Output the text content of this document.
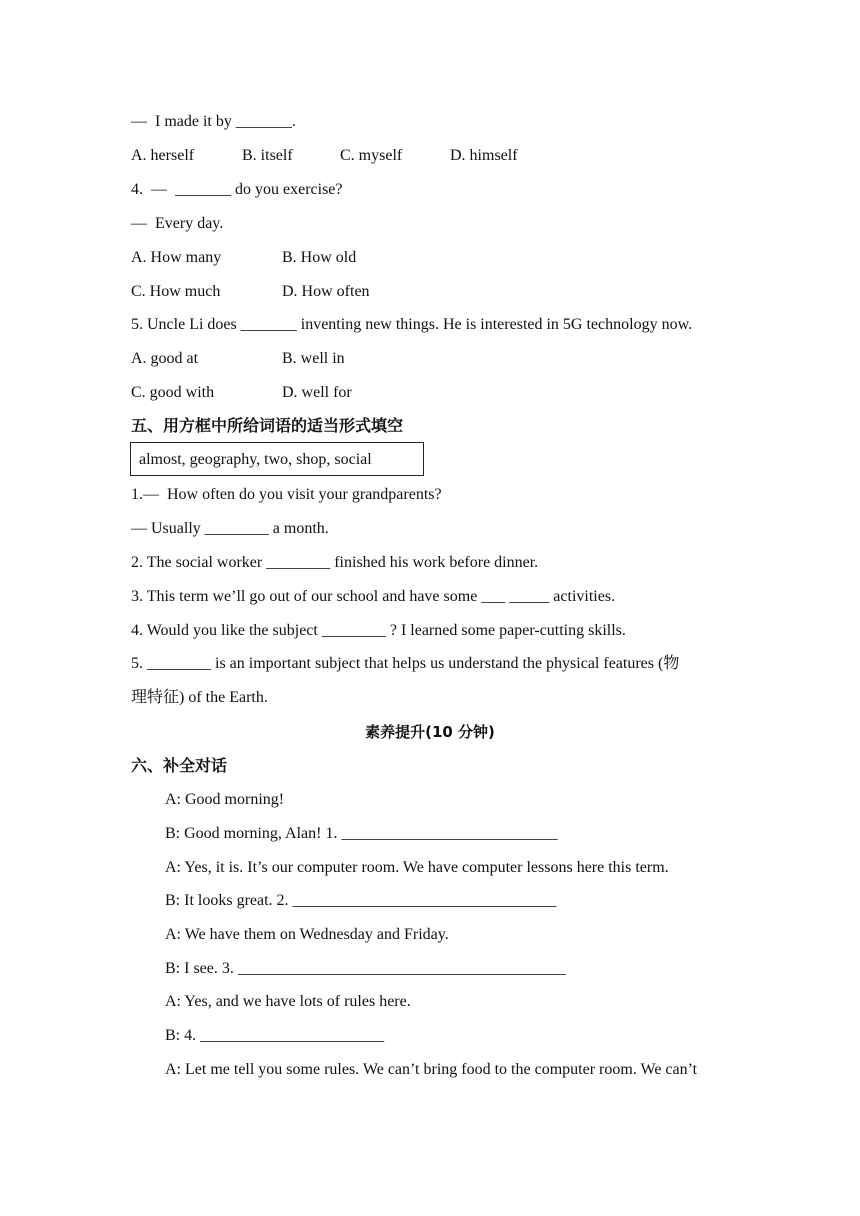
—  I made it by _______.
A. herself	B. itself	C. myself	D. himself
4.  —  _______ do you exercise?
—  Every day.
A. How many	B. How old
C. How much	D. How often
5. Uncle Li does _______ inventing new things. He is interested in 5G technology now.
A. good at	B. well in
C. good with	D. well for
五、用方框中所给词语的适当形式填空
almost, geography, two, shop, social
1.—  How often do you visit your grandparents?
— Usually ________ a month.
2. The social worker ________ finished his work before dinner.
3. This term we’ll go out of our school and have some ___ _____ activities.
4. Would you like the subject ________ ? I learned some paper-cutting skills.
5. ________ is an important subject that helps us understand the physical features (物
理特征) of the Earth.
素养提升(10 分钟)
六、补全对话
A: Good morning!
B: Good morning, Alan! 1. ___________________________
A: Yes, it is. It’s our computer room. We have computer lessons here this term.
B: It looks great. 2. _________________________________
A: We have them on Wednesday and Friday.
B: I see. 3. _________________________________________
A: Yes, and we have lots of rules here.
B: 4. _______________________
A: Let me tell you some rules. We can’t bring food to the computer room. We can’t
